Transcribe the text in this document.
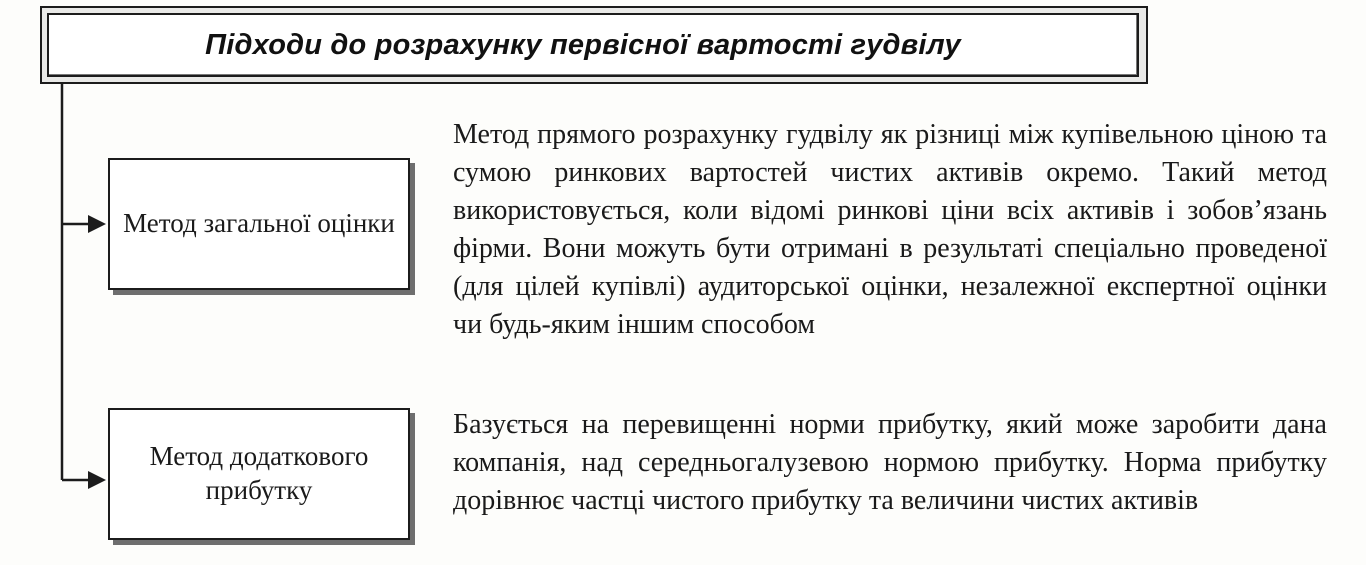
Підходи до розрахунку первісної вартості гудвілу
Метод загальної оцінки
Метод прямого розрахунку гудвілу як різниці між купівельною ціною та сумою ринкових вартостей чистих активів окремо. Такий метод використовується, коли відомі ринкові ціни всіх активів і зобов’язань фірми. Вони можуть бути отримані в результаті спеціально проведеної (для цілей купівлі) аудиторської оцінки, незалежної експертної оцінки чи будь-яким іншим способом
Метод додаткового прибутку
Базується на перевищенні норми прибутку, який може заробити дана компанія, над середньогалузевою нормою прибутку. Норма прибутку дорівнює частці чистого прибутку та величини чистих активів
